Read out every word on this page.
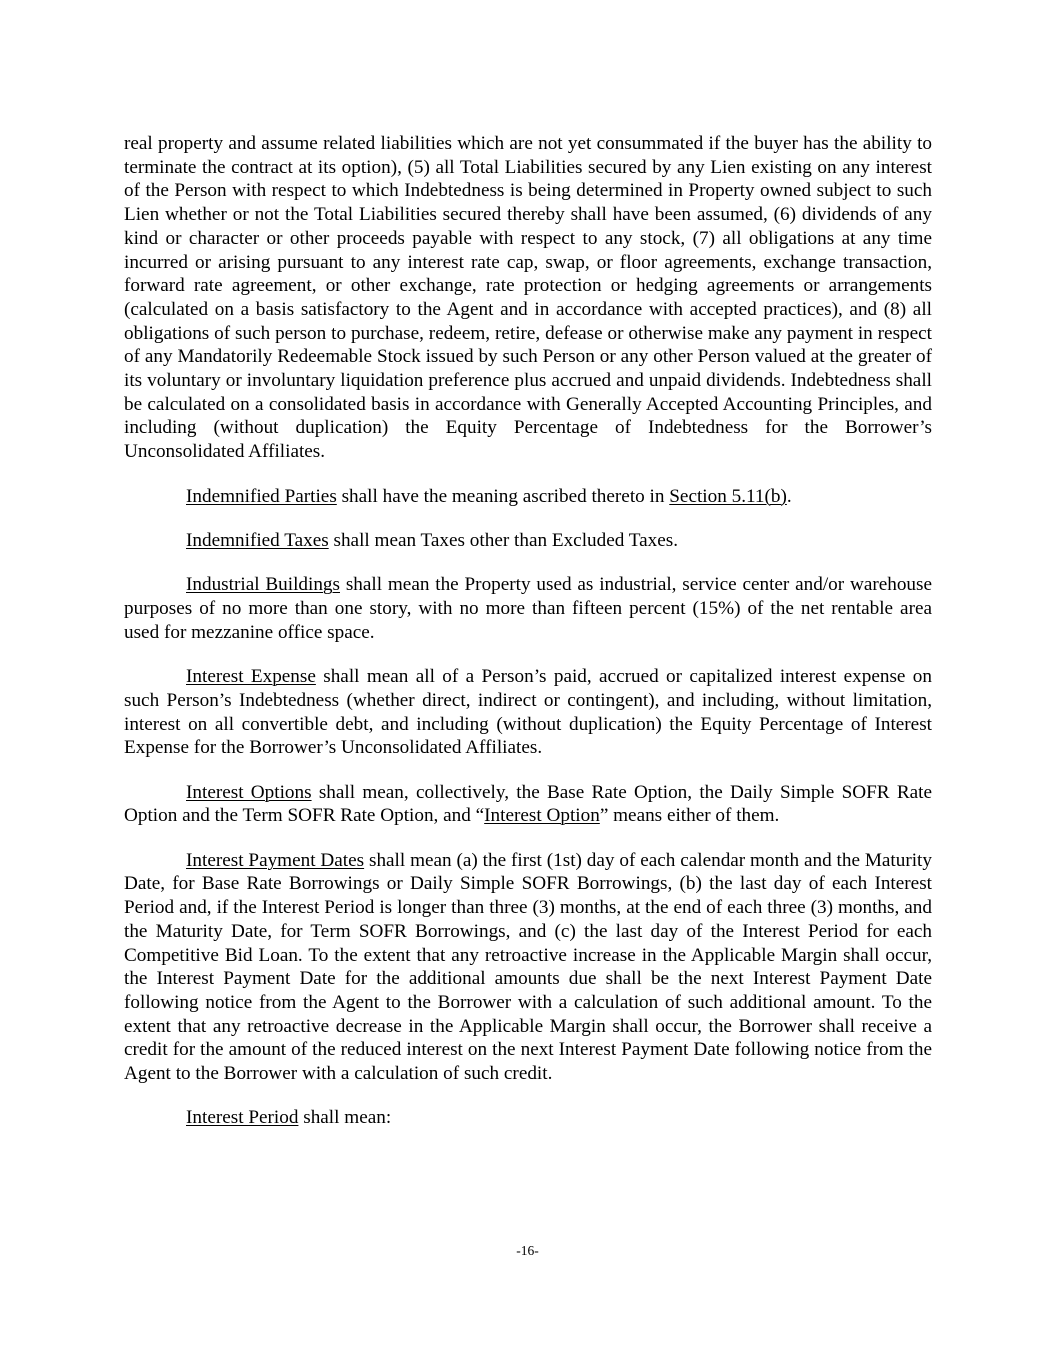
real property and assume related liabilities which are not yet consummated if the buyer has the ability to terminate the contract at its option), (5) all Total Liabilities secured by any Lien existing on any interest of the Person with respect to which Indebtedness is being determined in Property owned subject to such Lien whether or not the Total Liabilities secured thereby shall have been assumed, (6) dividends of any kind or character or other proceeds payable with respect to any stock, (7) all obligations at any time incurred or arising pursuant to any interest rate cap, swap, or floor agreements, exchange transaction, forward rate agreement, or other exchange, rate protection or hedging agreements or arrangements (calculated on a basis satisfactory to the Agent and in accordance with accepted practices), and (8) all obligations of such person to purchase, redeem, retire, defease or otherwise make any payment in respect of any Mandatorily Redeemable Stock issued by such Person or any other Person valued at the greater of its voluntary or involuntary liquidation preference plus accrued and unpaid dividends. Indebtedness shall be calculated on a consolidated basis in accordance with Generally Accepted Accounting Principles, and including (without duplication) the Equity Percentage of Indebtedness for the Borrower’s Unconsolidated Affiliates.

Indemnified Parties shall have the meaning ascribed thereto in Section 5.11(b).

Indemnified Taxes shall mean Taxes other than Excluded Taxes.

Industrial Buildings shall mean the Property used as industrial, service center and/or warehouse purposes of no more than one story, with no more than fifteen percent (15%) of the net rentable area used for mezzanine office space.

Interest Expense shall mean all of a Person’s paid, accrued or capitalized interest expense on such Person’s Indebtedness (whether direct, indirect or contingent), and including, without limitation, interest on all convertible debt, and including (without duplication) the Equity Percentage of Interest Expense for the Borrower’s Unconsolidated Affiliates.

Interest Options shall mean, collectively, the Base Rate Option, the Daily Simple SOFR Rate Option and the Term SOFR Rate Option, and “Interest Option” means either of them.

Interest Payment Dates shall mean (a) the first (1st) day of each calendar month and the Maturity Date, for Base Rate Borrowings or Daily Simple SOFR Borrowings, (b) the last day of each Interest Period and, if the Interest Period is longer than three (3) months, at the end of each three (3) months, and the Maturity Date, for Term SOFR Borrowings, and (c) the last day of the Interest Period for each Competitive Bid Loan. To the extent that any retroactive increase in the Applicable Margin shall occur, the Interest Payment Date for the additional amounts due shall be the next Interest Payment Date following notice from the Agent to the Borrower with a calculation of such additional amount. To the extent that any retroactive decrease in the Applicable Margin shall occur, the Borrower shall receive a credit for the amount of the reduced interest on the next Interest Payment Date following notice from the Agent to the Borrower with a calculation of such credit.

Interest Period shall mean:

-16-
